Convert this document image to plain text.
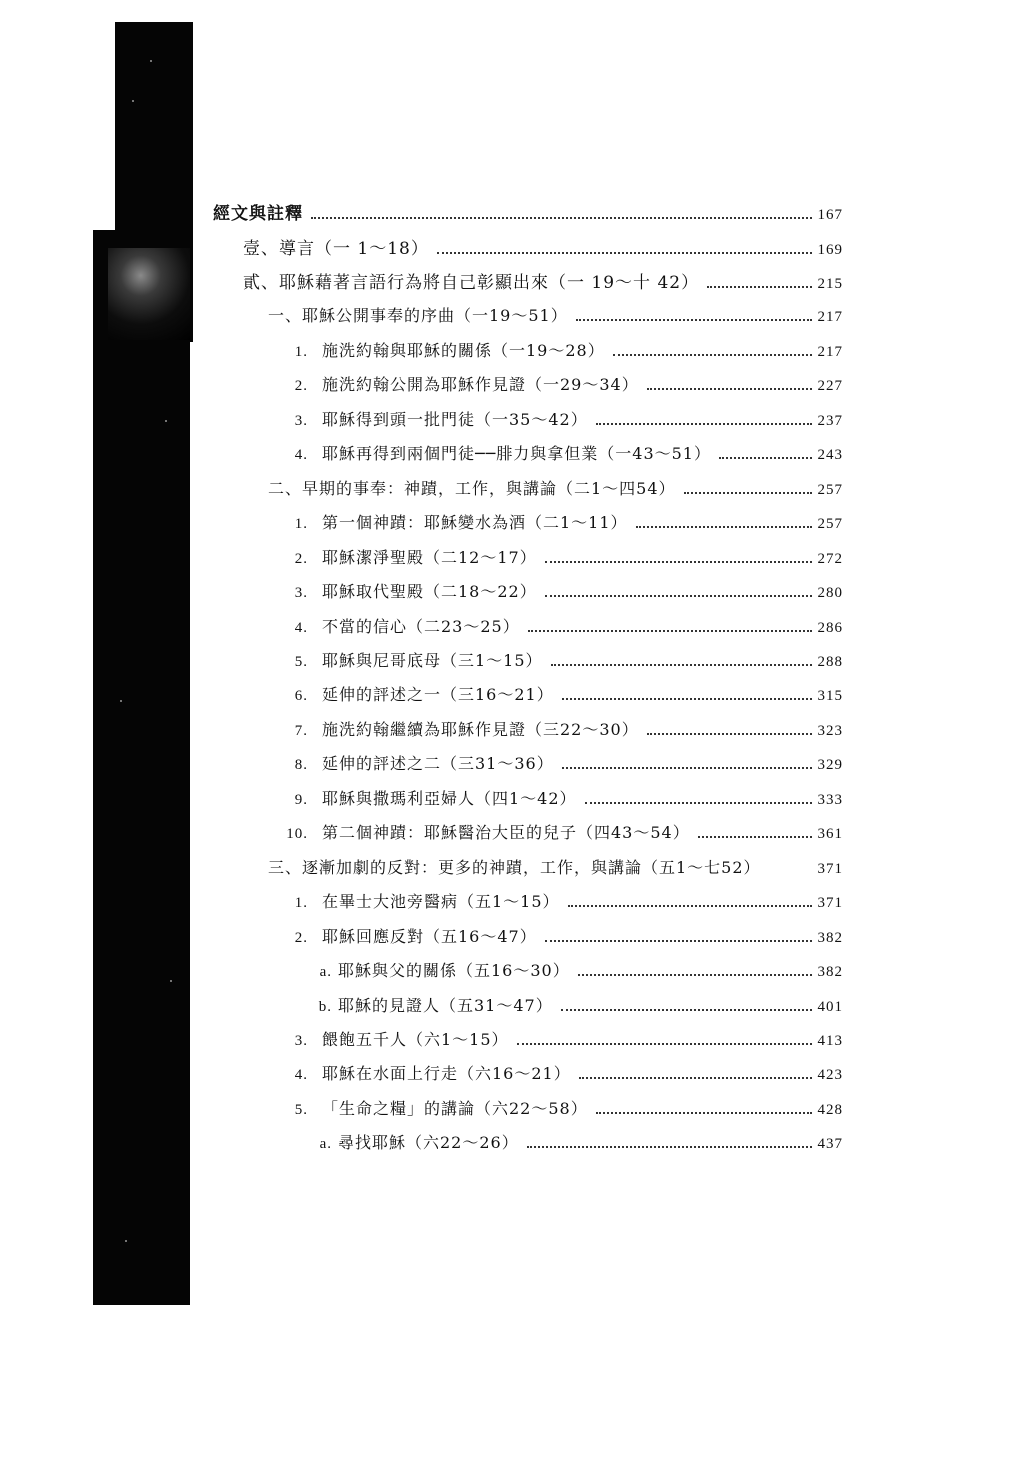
經文與註釋	167
壹、導言（一 1～18）	169
貳、耶穌藉著言語行為將自己彰顯出來（一 19～十 42）	215
一、耶穌公開事奉的序曲（一19～51）	217
1. 施洗約翰與耶穌的關係（一19～28）	217
2. 施洗約翰公開為耶穌作見證（一29～34）	227
3. 耶穌得到頭一批門徒（一35～42）	237
4. 耶穌再得到兩個門徒──腓力與拿但業（一43～51）	243
二、早期的事奉：神蹟，工作，與講論（二1～四54）	257
1. 第一個神蹟：耶穌變水為酒（二1～11）	257
2. 耶穌潔淨聖殿（二12～17）	272
3. 耶穌取代聖殿（二18～22）	280
4. 不當的信心（二23～25）	286
5. 耶穌與尼哥底母（三1～15）	288
6. 延伸的評述之一（三16～21）	315
7. 施洗約翰繼續為耶穌作見證（三22～30）	323
8. 延伸的評述之二（三31～36）	329
9. 耶穌與撒瑪利亞婦人（四1～42）	333
10. 第二個神蹟：耶穌醫治大臣的兒子（四43～54）	361
三、逐漸加劇的反對：更多的神蹟，工作，與講論（五1～七52）	371
1. 在畢士大池旁醫病（五1～15）	371
2. 耶穌回應反對（五16～47）	382
a. 耶穌與父的關係（五16～30）	382
b. 耶穌的見證人（五31～47）	401
3. 餵飽五千人（六1～15）	413
4. 耶穌在水面上行走（六16～21）	423
5. 「生命之糧」的講論（六22～58）	428
a. 尋找耶穌（六22～26）	437
